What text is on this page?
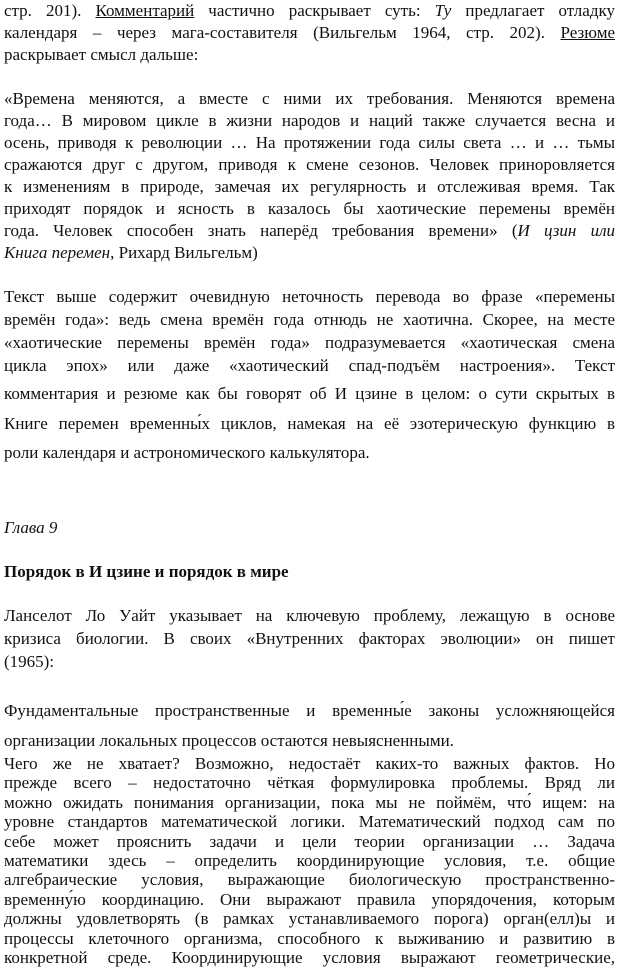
стр. 201). Комментарий частично раскрывает суть: Ту предлагает отладку
календаря – через мага-составителя (Вильгельм 1964, стр. 202). Резюме
раскрывает смысл дальше:
«Времена меняются, а вместе с ними их требования. Меняются времена
года… В мировом цикле в жизни народов и наций также случается весна и
осень, приводя к революции … На протяжении года силы света … и … тьмы
сражаются друг с другом, приводя к смене сезонов. Человек приноровляется
к изменениям в природе, замечая их регулярность и отслеживая время. Так
приходят порядок и ясность в казалось бы хаотические перемены времён
года. Человек способен знать наперёд требования времени» (И цзин или
Книга перемен, Рихард Вильгельм)
Текст выше содержит очевидную неточность перевода во фразе «перемены
времён года»: ведь смена времён года отнюдь не хаотична. Скорее, на месте
«хаотические перемены времён года» подразумевается «хаотическая смена
цикла эпох» или даже «хаотический спад-подъём настроения». Текст
комментария и резюме как бы говорят об И цзине в целом: о сути скрытых в
Книге перемен временны́х циклов, намекая на её эзотерическую функцию в
роли календаря и астрономического калькулятора.
Глава 9
Порядок в И цзине и порядок в мире
Ланселот Ло Уайт указывает на ключевую проблему, лежащую в основе
кризиса биологии. В своих «Внутренних факторах эволюции» он пишет
(1965):
Фундаментальные пространственные и временны́е законы усложняющейся
организации локальных процессов остаются невыясненными.
Чего же не хватает? Возможно, недостаёт каких-то важных фактов. Но
прежде всего – недостаточно чёткая формулировка проблемы. Вряд ли
можно ожидать понимания организации, пока мы не поймём, что́ ищем: на
уровне стандартов математической логики. Математический подход сам по
себе может прояснить задачи и цели теории организации … Задача
математики здесь – определить координирующие условия, т.е. общие
алгебраические условия, выражающие биологическую пространственно-
временну́ю координацию. Они выражают правила упорядочения, которым
должны удовлетворять (в рамках устанавливаемого порога) орган(елл)ы и
процессы клеточного организма, способного к выживанию и развитию в
конкретной среде. Координирующие условия выражают геометрические,
